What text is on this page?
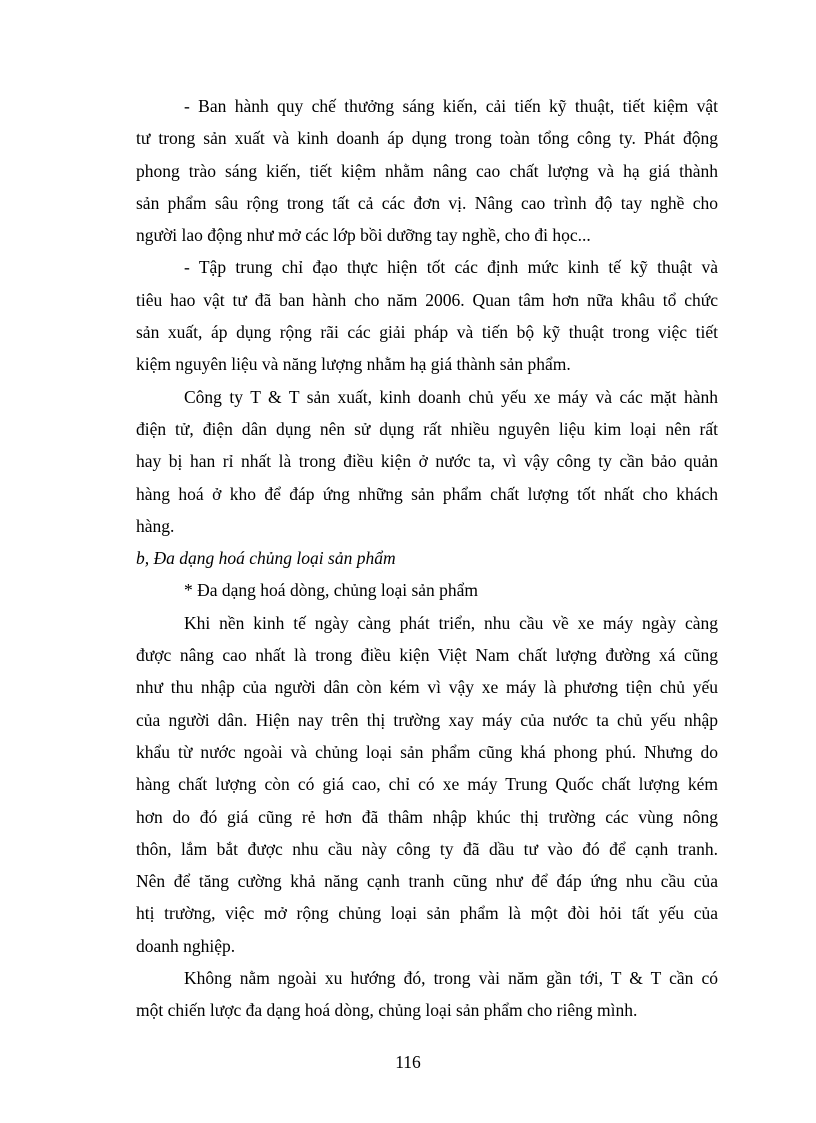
- Ban hành quy chế thưởng sáng kiến, cải tiến kỹ thuật, tiết kiệm vật
tư trong sản xuất và kinh doanh áp dụng trong toàn tổng công ty. Phát động
phong trào sáng kiến, tiết kiệm nhằm nâng cao chất lượng và hạ giá thành
sản phẩm sâu rộng trong tất cả các đơn vị. Nâng cao trình độ tay nghề cho
người lao động như mở các lớp bồi dưỡng tay nghề, cho đi học...
- Tập trung chỉ đạo thực hiện tốt các định mức kinh tế kỹ thuật và
tiêu hao vật tư đã ban hành cho năm 2006. Quan tâm hơn nữa khâu tổ chức
sản xuất, áp dụng rộng rãi các giải pháp và tiến bộ kỹ thuật trong việc tiết
kiệm nguyên liệu và năng lượng nhằm hạ giá thành sản phẩm.
Công ty T & T sản xuất, kinh doanh chủ yếu xe máy và các mặt hành
điện tử, điện dân dụng nên sử dụng rất nhiều nguyên liệu kim loại nên rất
hay bị han rỉ nhất là trong điều kiện ở nước ta, vì vậy công ty cần bảo quản
hàng hoá ở kho để đáp ứng những sản phẩm chất lượng tốt nhất cho khách
hàng.
b, Đa dạng hoá chủng loại sản phẩm
* Đa dạng hoá dòng, chủng loại sản phẩm
Khi nền kinh tế ngày càng phát triển, nhu cầu về xe máy ngày càng
được nâng cao nhất là trong điều kiện Việt Nam chất lượng đường xá cũng
như thu nhập của người dân còn kém vì vậy xe máy là phương tiện chủ yếu
của người dân. Hiện nay trên thị trường xay máy của nước ta chủ yếu nhập
khẩu từ nước ngoài và chủng loại sản phẩm cũng khá phong phú. Nhưng do
hàng chất lượng còn có giá cao, chỉ có xe máy Trung Quốc chất lượng kém
hơn do đó giá cũng rẻ hơn đã thâm nhập khúc thị trường các vùng nông
thôn, lắm bắt được nhu cầu này công ty đã dầu tư vào đó để cạnh tranh.
Nên để tăng cường khả năng cạnh tranh cũng như để đáp ứng nhu cầu của
htị trường, việc mở rộng chủng loại sản phẩm là một đòi hỏi tất yếu của
doanh nghiệp.
Không nằm ngoài xu hướng đó, trong vài năm gần tới, T & T cần có
một chiến lược đa dạng hoá dòng, chủng loại sản phẩm cho riêng mình.
116
